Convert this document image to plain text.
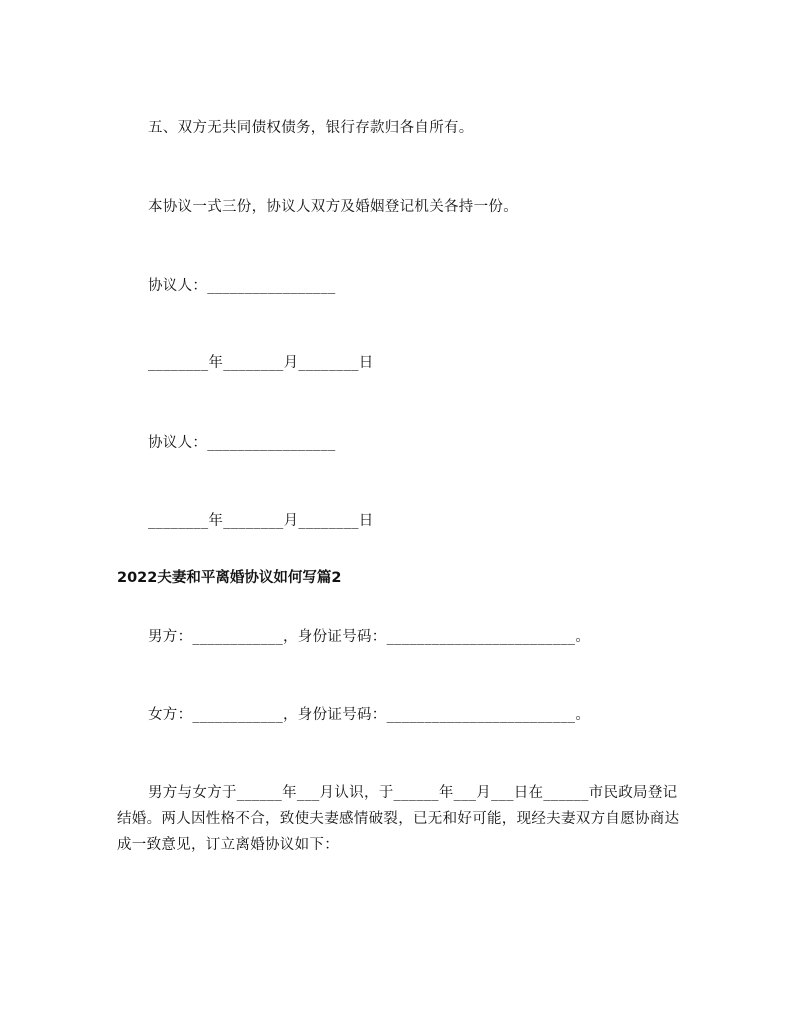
五、双方无共同债权债务，银行存款归各自所有。
本协议一式三份，协议人双方及婚姻登记机关各持一份。
协议人：_________________
________年________月________日
协议人：_________________
________年________月________日
2022夫妻和平离婚协议如何写篇2
男方：____________，身份证号码：_________________________。
女方：____________，身份证号码：_________________________。
男方与女方于______年___月认识，于______年___月___日在______市民政局登记结婚。两人因性格不合，致使夫妻感情破裂，已无和好可能，现经夫妻双方自愿协商达成一致意见，订立离婚协议如下：
